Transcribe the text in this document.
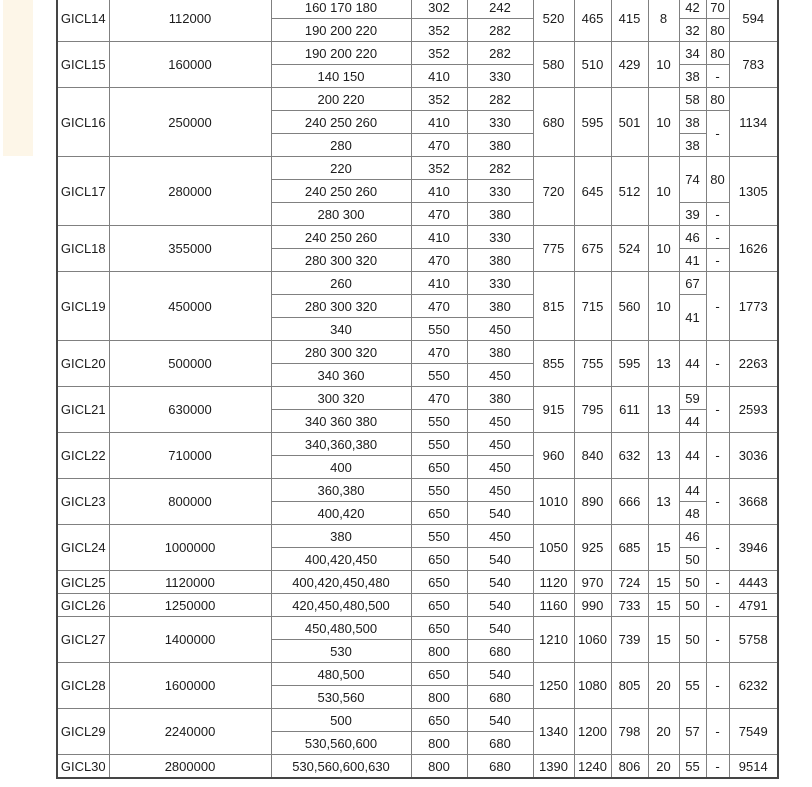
GICL14	112000	160 170 180	302	242	520	465	415	8	42	70	594
		190 200 220	352	282					32	80	
GICL15	160000	190 200 220	352	282	580	510	429	10	34	80	783
		140 150	410	330					38	-	
GICL16	250000	200 220	352	282	680	595	501	10	58	80	1134
		240 250 260	410	330					38	-	
		280	470	380					38		
GICL17	280000	220	352	282	720	645	512	10	74	80	1305
		240 250 260	410	330							
		280 300	470	380					39	-	
GICL18	355000	240 250 260	410	330	775	675	524	10	46	-	1626
		280 300 320	470	380					41	-	
GICL19	450000	260	410	330	815	715	560	10	67	-	1773
		280 300 320	470	380					41		
		340	550	450							
GICL20	500000	280 300 320	470	380	855	755	595	13	44	-	2263
		340 360	550	450							
GICL21	630000	300 320	470	380	915	795	611	13	59	-	2593
		340 360 380	550	450					44		
GICL22	710000	340,360,380	550	450	960	840	632	13	44	-	3036
		400	650	450							
GICL23	800000	360,380	550	450	1010	890	666	13	44	-	3668
		400,420	650	540					48		
GICL24	1000000	380	550	450	1050	925	685	15	46	-	3946
		400,420,450	650	540					50		
GICL25	1120000	400,420,450,480	650	540	1120	970	724	15	50	-	4443
GICL26	1250000	420,450,480,500	650	540	1160	990	733	15	50	-	4791
GICL27	1400000	450,480,500	650	540	1210	1060	739	15	50	-	5758
		530	800	680							
GICL28	1600000	480,500	650	540	1250	1080	805	20	55	-	6232
		530,560	800	680							
GICL29	2240000	500	650	540	1340	1200	798	20	57	-	7549
		530,560,600	800	680							
GICL30	2800000	530,560,600,630	800	680	1390	1240	806	20	55	-	9514
